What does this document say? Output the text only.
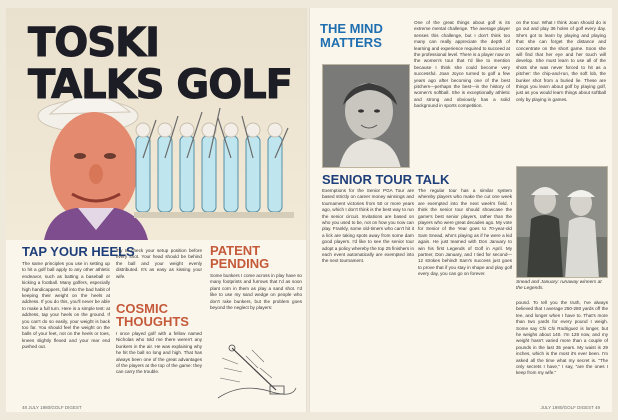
TOSKI
TALKS GOLF
TAP YOUR HEELS
The same principles you use in setting up to hit a golf ball apply to any other athletic endeavor, such as batting a baseball or kicking a football. Many golfers, especially high handicappers, fall into the bad habit of keeping their weight on the heels at address. If you do this, you'll never be able to make a full turn. Here is a simple test: at address, tap your heels on the ground. If you can't do so easily, your weight is back too far. You should feel the weight on the balls of your feet, not on the heels or toes, knees slightly flexed and your rear end pushed out.
Try to check your setup position before every shot. Your head should be behind the ball and your weight evenly distributed. It's as easy as kissing your wife.
COSMIC THOUGHTS
I once played golf with a fellow named Nicholas who told me there weren't any bunkers in the air. He was explaining why he hit the ball so long and high. That has always been one of the great advantages of the players at the top of the game: they can carry the trouble.
PATENT PENDING
Some bunkers I come across in play have so many footprints and furrows that I'd as soon plant corn in them as play a sand shot. I'd like to use my sand wedge on people who don't rake bunkers, but the problem goes beyond the neglect by players:
48 JULY 1980/GOLF DIGEST
THE MIND
MATTERS
One of the great things about golf is its extreme mental challenge. The average player senses this challenge, but I don't think too many can really appreciate the depth of learning and experience required to succeed at the professional level. There is a player now on the women's tour that I'd like to mention because I think she could become very successful. Joan Joyce turned to golf a few years ago after becoming one of the best pitchers—perhaps the best—in the history of women's softball. She is exceptionally athletic and strong and obviously has a solid background in sports competition.
on the tour. What I think Joan should do is go out and play 36 holes of golf every day. She's got to learn by playing and playing that she can forget the distance and concentrate on the short game. Soon she will find that her eye and her touch will develop. She must learn to use all of the shots she was never forced to hit as a pitcher: the chip-and-run, the soft lob, the bunker shot from a buried lie. These are things you learn about golf by playing golf, just as you would learn things about softball only by playing in games.
SENIOR TOUR TALK
Exemptions for the Senior PGA Tour are based strictly on career money winnings and tournament victories from 50 or more years ago, which I don't think is the best way to run the senior circuit. Invitations are based on who you used to be, not on how you now can play. Frankly, some old-timers who can't hit it a lick are taking spots away from some darn good players. I'd like to see the senior tour adopt a policy whereby the top 25 finishers in each event automatically are exempted into the next tournament.
The regular tour has a similar system whereby players who make the cut one week are exempted into the next week's field. I think the senior tour should showcase the game's best senior players, rather than the players who were great decades ago. My vote for Senior of the Year goes to 70-year-old Sam Snead, who's playing as if he were a kid again. He just teamed with Don January to win his first Legends of Golf in April. My partner, Don January, and I tied for second—12 strokes behind! Sam's success just goes to prove that if you stay in shape and play golf every day, you can go on forever.
Snead and January: runaway winners at the Legends.
pound. To tell you the truth, I've always believed that I average 250-280 yards off the tee, and longer when I have to. That's more than two yards for every pound I weigh. Some say Chi Chi Rodriguez is longer, but he weighs about 140. I'm 128 now, and my weight hasn't varied more than a couple of pounds in the last 35 years. My waist is 29 inches, which is the most it's ever been. I'm asked all the time what my secret is. "The only secrets I have," I say, "are the ones I keep from my wife."
JULY 1980/GOLF DIGEST 49
